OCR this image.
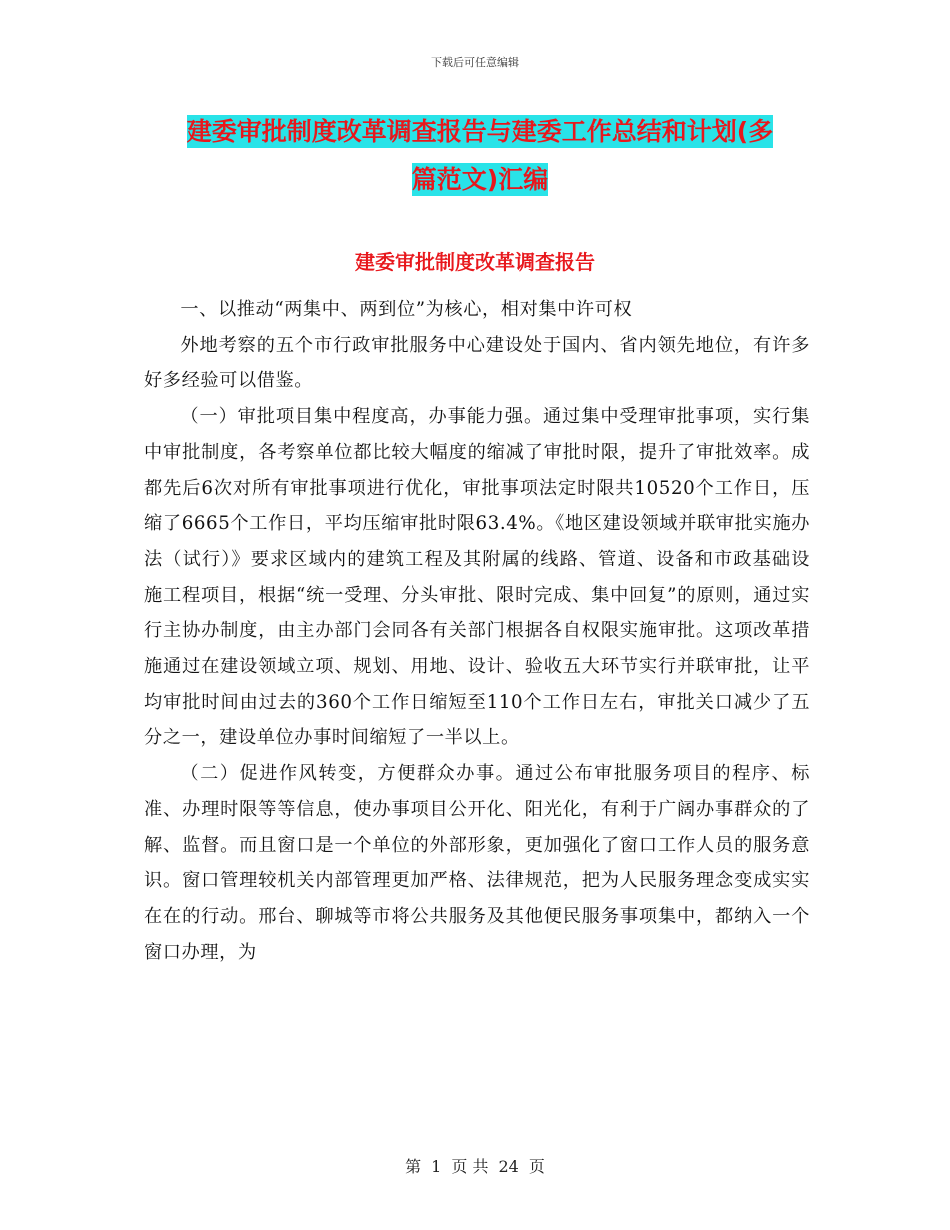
下载后可任意编辑
建委审批制度改革调查报告与建委工作总结和计划(多
篇范文)汇编
建委审批制度改革调查报告

一、以推动“两集中、两到位”为核心，相对集中许可权

外地考察的五个市行政审批服务中心建设处于国内、省内领先地位，有许多好多经验可以借鉴。

（一）审批项目集中程度高，办事能力强。通过集中受理审批事项，实行集中审批制度，各考察单位都比较大幅度的缩减了审批时限，提升了审批效率。成都先后6次对所有审批事项进行优化，审批事项法定时限共10520个工作日，压缩了6665个工作日，平均压缩审批时限63.4%。《地区建设领域并联审批实施办法（试行）》要求区域内的建筑工程及其附属的线路、管道、设备和市政基础设施工程项目，根据“统一受理、分头审批、限时完成、集中回复”的原则，通过实行主协办制度，由主办部门会同各有关部门根据各自权限实施审批。这项改革措施通过在建设领域立项、规划、用地、设计、验收五大环节实行并联审批，让平均审批时间由过去的360个工作日缩短至110个工作日左右，审批关口减少了五分之一，建设单位办事时间缩短了一半以上。

（二）促进作风转变，方便群众办事。通过公布审批服务项目的程序、标准、办理时限等等信息，使办事项目公开化、阳光化，有利于广阔办事群众的了解、监督。而且窗口是一个单位的外部形象，更加强化了窗口工作人员的服务意识。窗口管理较机关内部管理更加严格、法律规范，把为人民服务理念变成实实在在的行动。邢台、聊城等市将公共服务及其他便民服务事项集中，都纳入一个窗口办理，为

第 1 页 共 24 页
